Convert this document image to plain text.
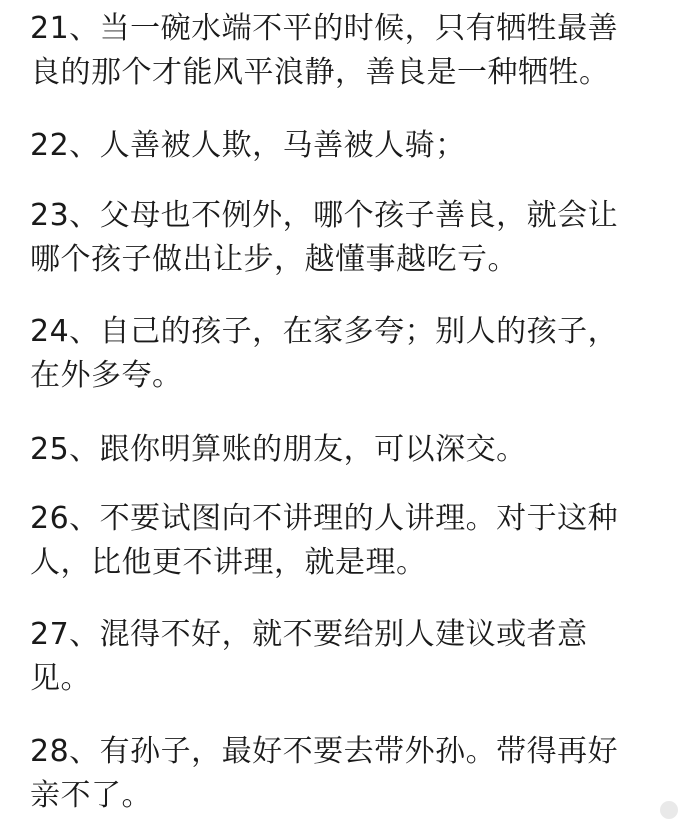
21、当一碗水端不平的时候，只有牺牲最善
良的那个才能风平浪静，善良是一种牺牲。

22、人善被人欺，马善被人骑；

23、父母也不例外，哪个孩子善良，就会让
哪个孩子做出让步，越懂事越吃亏。

24、自己的孩子，在家多夸；别人的孩子，
在外多夸。

25、跟你明算账的朋友，可以深交。

26、不要试图向不讲理的人讲理。对于这种
人，比他更不讲理，就是理。

27、混得不好，就不要给别人建议或者意
见。

28、有孙子，最好不要去带外孙。带得再好
亲不了。
